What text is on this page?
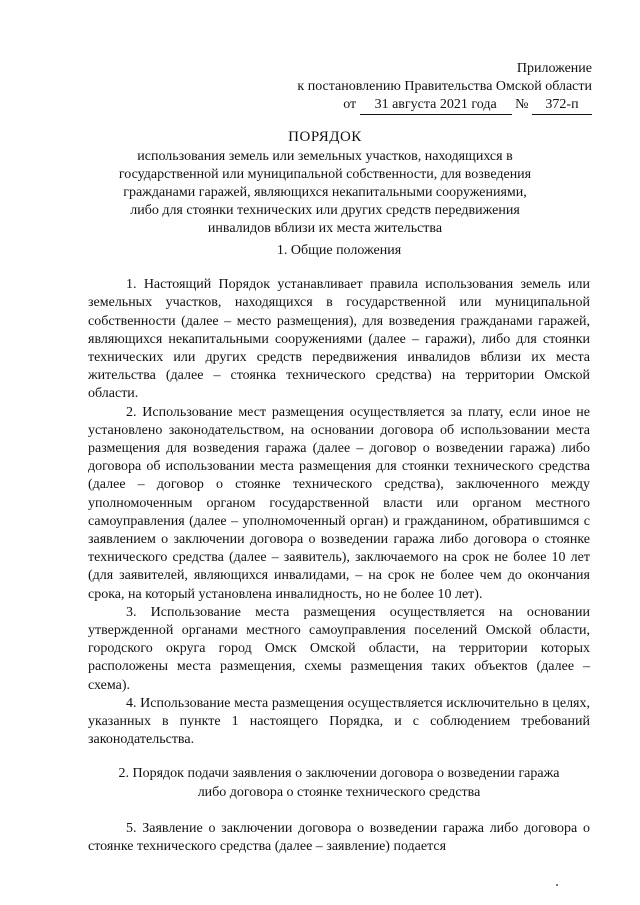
Приложение
к постановлению Правительства Омской области
от 31 августа 2021 года № 372-п
ПОРЯДОК
использования земель или земельных участков, находящихся в
государственной или муниципальной собственности, для возведения
гражданами гаражей, являющихся некапитальными сооружениями,
либо для стоянки технических или других средств передвижения
инвалидов вблизи их места жительства
1. Общие положения

1. Настоящий Порядок устанавливает правила использования земель или земельных участков, находящихся в государственной или муниципальной собственности (далее – место размещения), для возведения гражданами гаражей, являющихся некапитальными сооружениями (далее – гаражи), либо для стоянки технических или других средств передвижения инвалидов вблизи их места жительства (далее – стоянка технического средства) на территории Омской области.

2. Использование мест размещения осуществляется за плату, если иное не установлено законодательством, на основании договора об использовании места размещения для возведения гаража (далее – договор о возведении гаража) либо договора об использовании места размещения для стоянки технического средства (далее – договор о стоянке технического средства), заключенного между уполномоченным органом государственной власти или органом местного самоуправления (далее – уполномоченный орган) и гражданином, обратившимся с заявлением о заключении договора о возведении гаража либо договора о стоянке технического средства (далее – заявитель), заключаемого на срок не более 10 лет (для заявителей, являющихся инвалидами, – на срок не более чем до окончания срока, на который установлена инвалидность, но не более 10 лет).

3. Использование места размещения осуществляется на основании утвержденной органами местного самоуправления поселений Омской области, городского округа город Омск Омской области, на территории которых расположены места размещения, схемы размещения таких объектов (далее – схема).

4. Использование места размещения осуществляется исключительно в целях, указанных в пункте 1 настоящего Порядка, и с соблюдением требований законодательства.

2. Порядок подачи заявления о заключении договора о возведении гаража
либо договора о стоянке технического средства

5. Заявление о заключении договора о возведении гаража либо договора о стоянке технического средства (далее – заявление) подается
